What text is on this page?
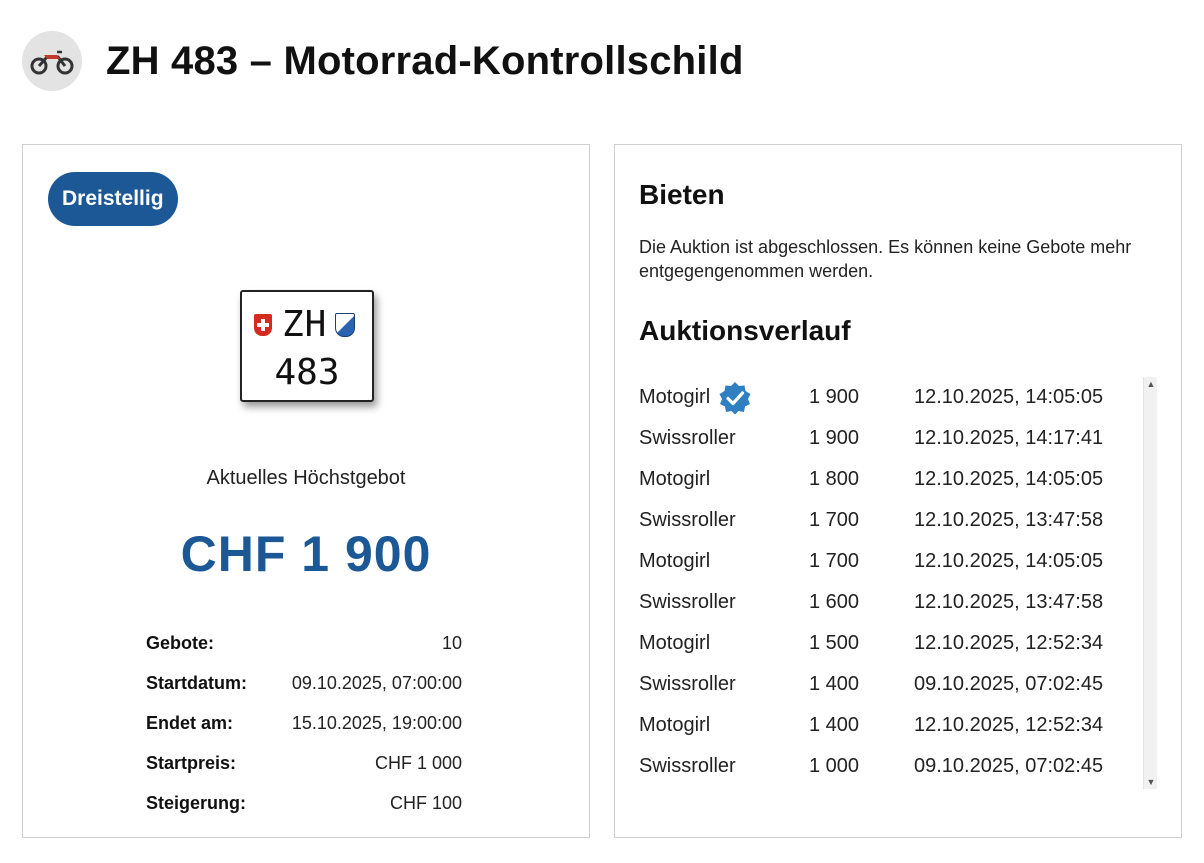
ZH 483 – Motorrad-Kontrollschild
Dreistellig
ZH
483
Aktuelles Höchstgebot
CHF 1 900
Gebote:	10
Startdatum: 09.10.2025, 07:00:00
Endet am:	15.10.2025, 19:00:00
Startpreis:	CHF 1 000
Steigerung:	CHF 100
Bieten

Die Auktion ist abgeschlossen. Es können keine Gebote mehr entgegengenommen werden.

Auktionsverlauf
Motogirl	1 900	12.10.2025, 14:05:05
Swissroller	1 900	12.10.2025, 14:17:41
Motogirl	1 800	12.10.2025, 14:05:05
Swissroller	1 700	12.10.2025, 13:47:58
Motogirl	1 700	12.10.2025, 14:05:05
Swissroller	1 600	12.10.2025, 13:47:58
Motogirl	1 500	12.10.2025, 12:52:34
Swissroller	1 400	09.10.2025, 07:02:45
Motogirl	1 400	12.10.2025, 12:52:34
Swissroller	1 000	09.10.2025, 07:02:45
▲
▼
